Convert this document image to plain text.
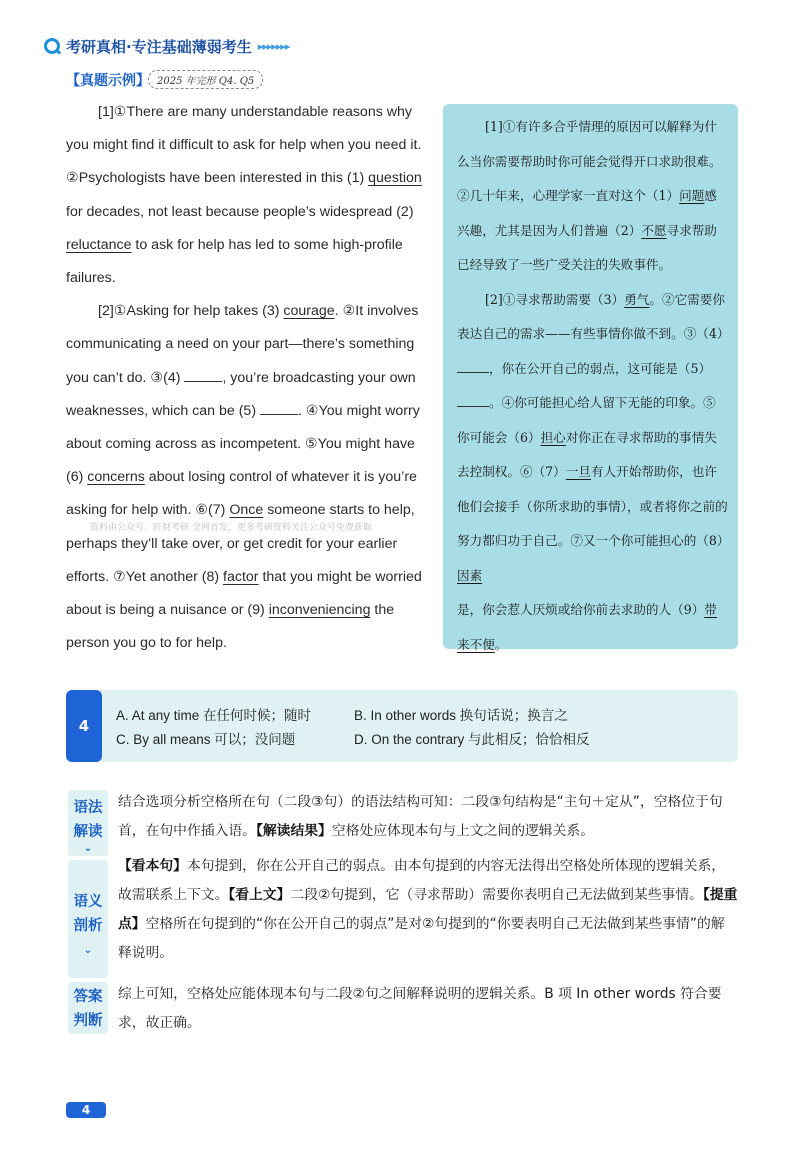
考研真相·专注基础薄弱考生 ▸▸▸▸▸▸▸
【真题示例】 2025 年完形 Q4. Q5

[1]①There are many understandable reasons why you might find it difficult to ask for help when you need it. ②Psychologists have been interested in this (1) question for decades, not least because people’s widespread (2) reluctance to ask for help has led to some high-profile failures.

[2]①Asking for help takes (3) courage. ②It involves communicating a need on your part—there’s something you can’t do. ③(4)	, you’re broadcasting your own weaknesses, which can be (5)	. ④You might worry about coming across as incompetent. ⑤You might have (6) concerns about losing control of whatever it is you’re asking for help with. ⑥(7) Once someone starts to help, perhaps they’ll take over, or get credit for your earlier efforts. ⑦Yet another (8) factor that you might be worried about is being a nuisance or (9) inconveniencing the person you go to for help.

资料由公众号：旺财考研 全网首发，更多考研资料关注公众号免费获取

[1]①有许多合乎情理的原因可以解释为什么当你需要帮助时你可能会觉得开口求助很难。②几十年来，心理学家一直对这个（1）问题感兴趣，尤其是因为人们普遍（2）不愿寻求帮助已经导致了一些广受关注的失败事件。

[2]①寻求帮助需要（3）勇气。②它需要你表达自己的需求——有些事情你做不到。③（4），你在公开自己的弱点，这可能是（5）。④你可能担心给人留下无能的印象。⑤你可能会（6）担心对你正在寻求帮助的事情失去控制权。⑥（7）一旦有人开始帮助你，也许他们会接手（你所求助的事情），或者将你之前的努力都归功于自己。⑦又一个你可能担心的（8）因素是，你会惹人厌烦或给你前去求助的人（9）带来不便。

4
A. At any time 在任何时候；随时	B. In other words 换句话说；换言之
C. By all means 可以；没问题	D. On the contrary 与此相反；恰恰相反
语法解读
⌄
结合选项分析空格所在句（二段③句）的语法结构可知：二段③句结构是“主句＋定从”，空格位于句首，在句中作插入语。【解读结果】空格处应体现本句与上文之间的逻辑关系。
语义剖析
⌄
【看本句】本句提到，你在公开自己的弱点。由本句提到的内容无法得出空格处所体现的逻辑关系，故需联系上下文。【看上文】二段②句提到，它（寻求帮助）需要你表明自己无法做到某些事情。【提重点】空格所在句提到的“你在公开自己的弱点”是对②句提到的“你要表明自己无法做到某些事情”的解释说明。
答案判断
综上可知，空格处应能体现本句与二段②句之间解释说明的逻辑关系。B 项 In other words 符合要求，故正确。
4
